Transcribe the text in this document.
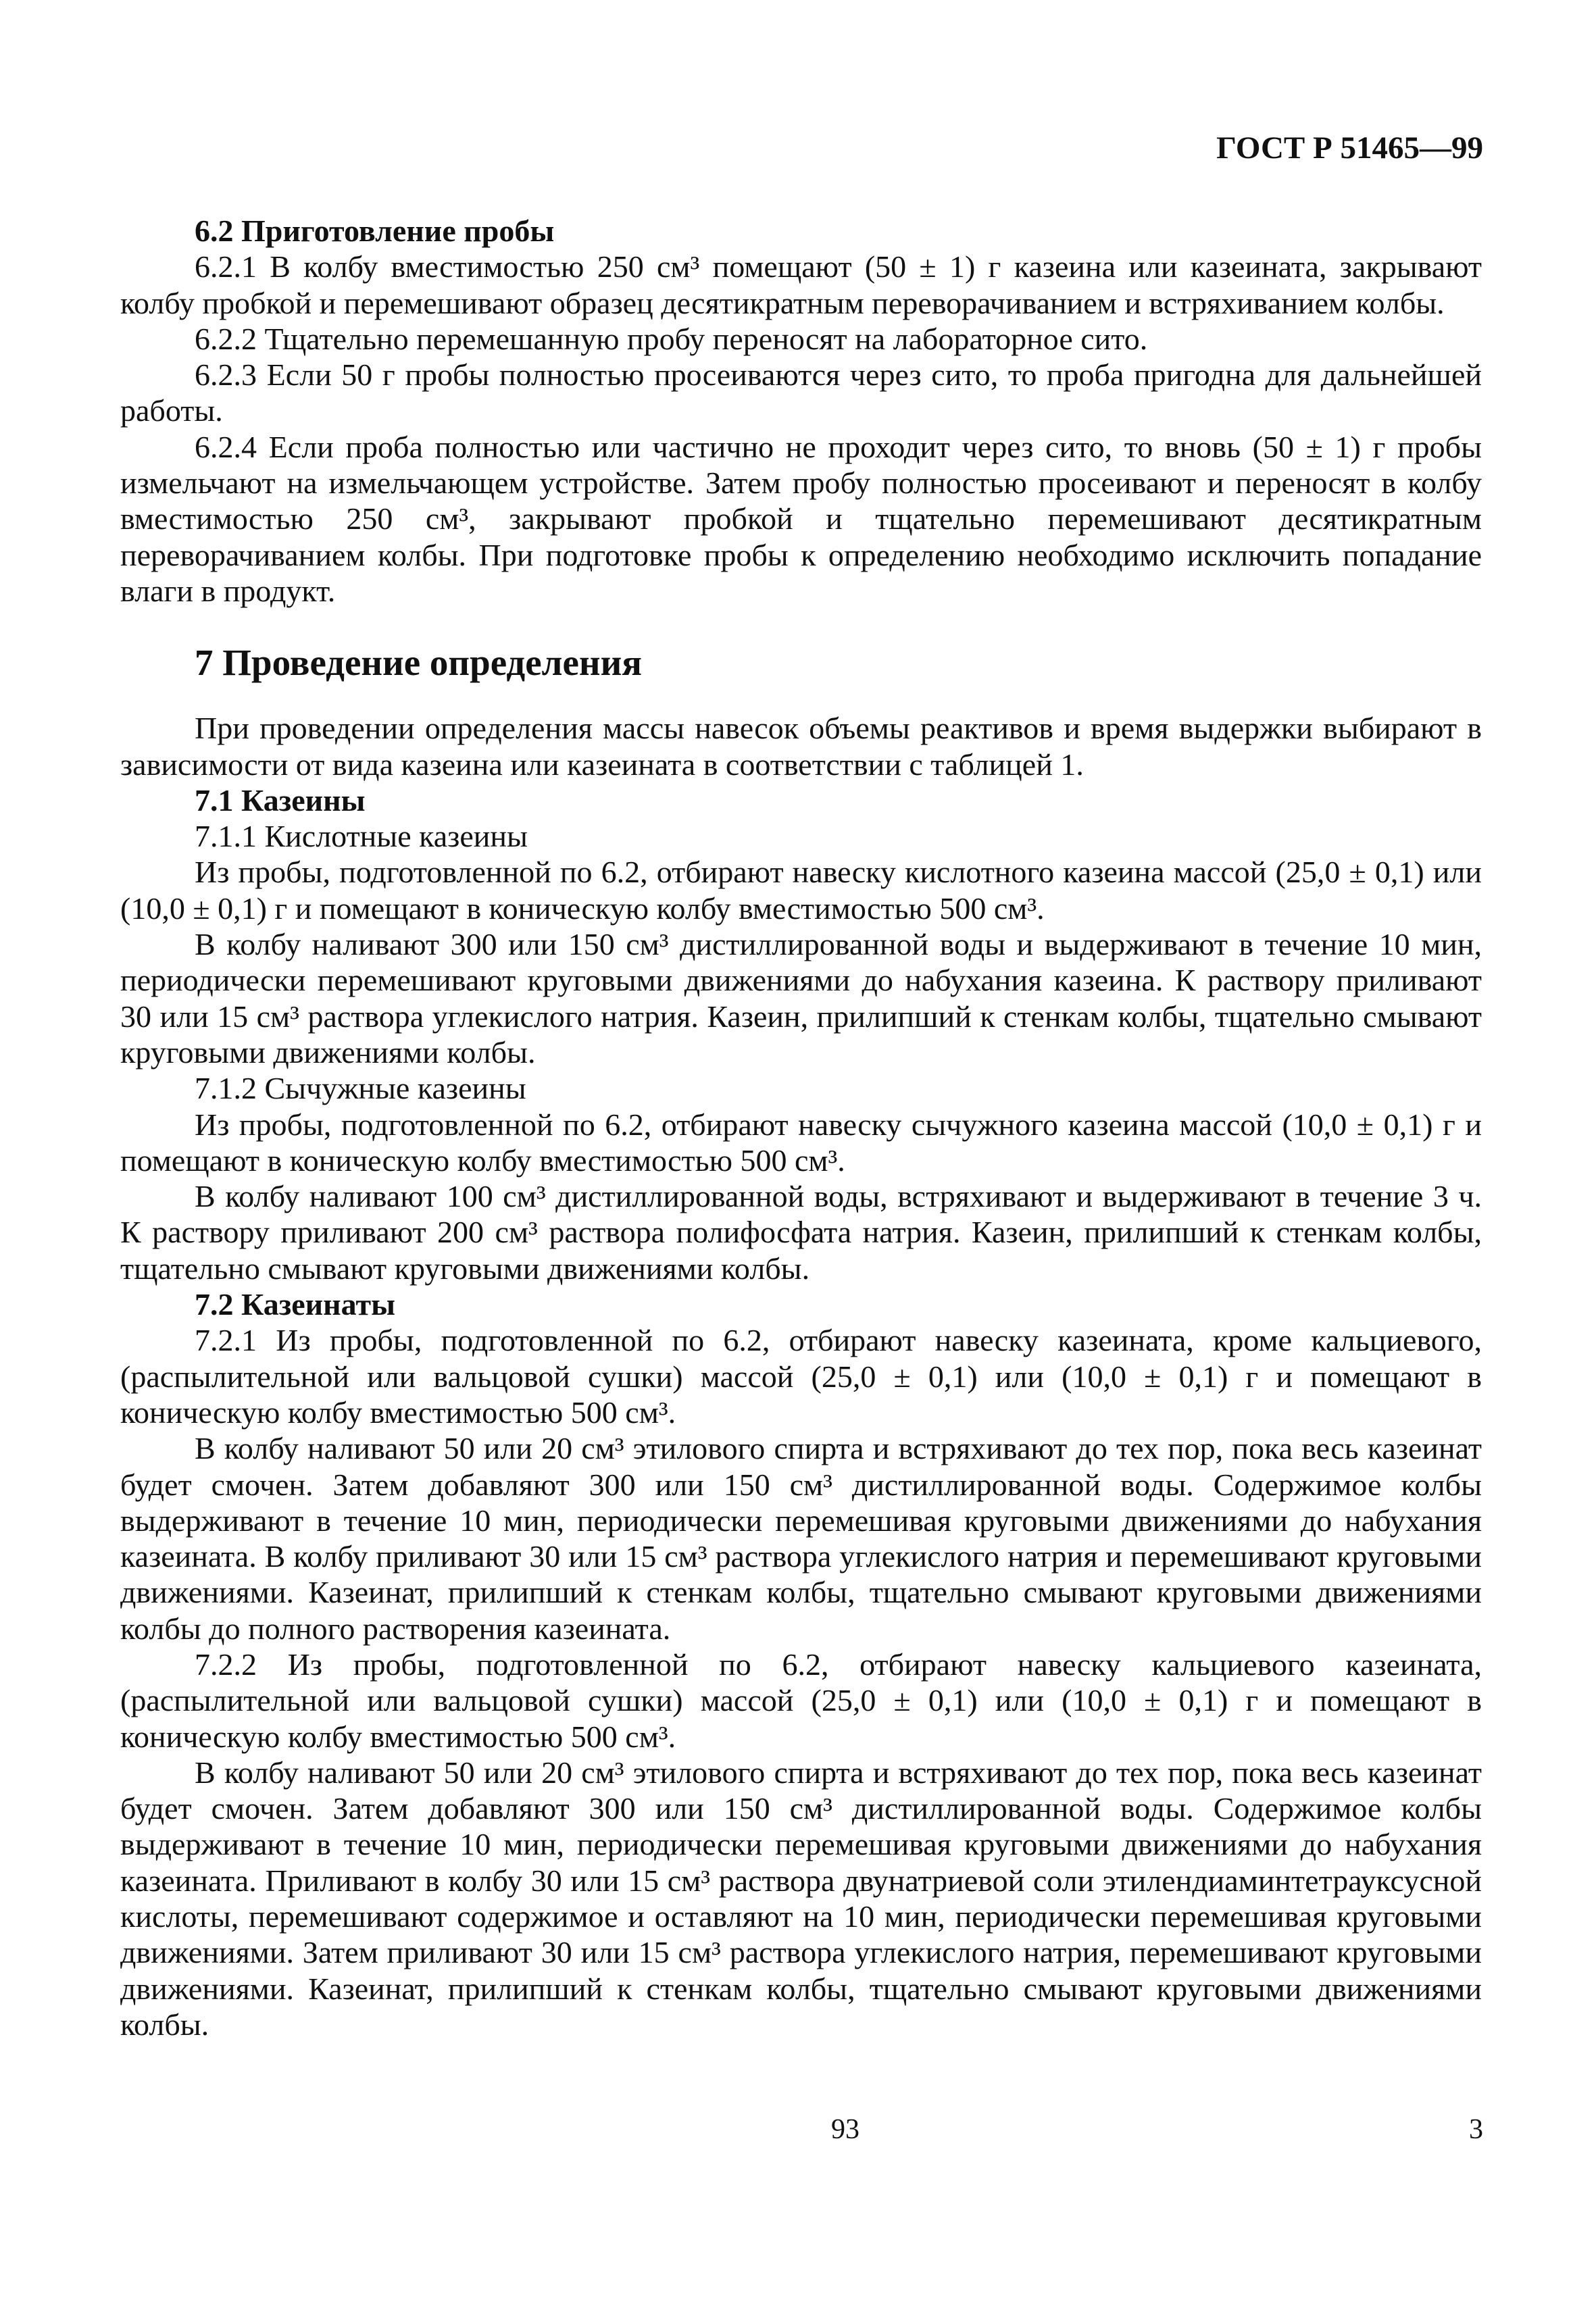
ГОСТ Р 51465—99

6.2 Приготовление пробы

6.2.1 В колбу вместимостью 250 см³ помещают (50 ± 1) г казеина или казеината, закрывают колбу пробкой и перемешивают образец десятикратным переворачиванием и встряхиванием колбы.

6.2.2 Тщательно перемешанную пробу переносят на лабораторное сито.

6.2.3 Если 50 г пробы полностью просеиваются через сито, то проба пригодна для дальнейшей работы.

6.2.4 Если проба полностью или частично не проходит через сито, то вновь (50 ± 1) г пробы измельчают на измельчающем устройстве. Затем пробу полностью просеивают и переносят в колбу вместимостью 250 см³, закрывают пробкой и тщательно перемешивают десятикратным переворачиванием колбы. При подготовке пробы к определению необходимо исключить попадание влаги в продукт.

7 Проведение определения

При проведении определения массы навесок объемы реактивов и время выдержки выбирают в зависимости от вида казеина или казеината в соответствии с таблицей 1.

7.1 Казеины

7.1.1 Кислотные казеины

Из пробы, подготовленной по 6.2, отбирают навеску кислотного казеина массой (25,0 ± 0,1) или (10,0 ± 0,1) г и помещают в коническую колбу вместимостью 500 см³.

В колбу наливают 300 или 150 см³ дистиллированной воды и выдерживают в течение 10 мин, периодически перемешивают круговыми движениями до набухания казеина. К раствору приливают 30 или 15 см³ раствора углекислого натрия. Казеин, прилипший к стенкам колбы, тщательно смывают круговыми движениями колбы.

7.1.2 Сычужные казеины

Из пробы, подготовленной по 6.2, отбирают навеску сычужного казеина массой (10,0 ± 0,1) г и помещают в коническую колбу вместимостью 500 см³.

В колбу наливают 100 см³ дистиллированной воды, встряхивают и выдерживают в течение 3 ч. К раствору приливают 200 см³ раствора полифосфата натрия. Казеин, прилипший к стенкам колбы, тщательно смывают круговыми движениями колбы.

7.2 Казеинаты

7.2.1 Из пробы, подготовленной по 6.2, отбирают навеску казеината, кроме кальциевого, (распылительной или вальцовой сушки) массой (25,0 ± 0,1) или (10,0 ± 0,1) г и помещают в коническую колбу вместимостью 500 см³.

В колбу наливают 50 или 20 см³ этилового спирта и встряхивают до тех пор, пока весь казеинат будет смочен. Затем добавляют 300 или 150 см³ дистиллированной воды. Содержимое колбы выдерживают в течение 10 мин, периодически перемешивая круговыми движениями до набухания казеината. В колбу приливают 30 или 15 см³ раствора углекислого натрия и перемешивают круговыми движениями. Казеинат, прилипший к стенкам колбы, тщательно смывают круговыми движениями колбы до полного растворения казеината.

7.2.2 Из пробы, подготовленной по 6.2, отбирают навеску кальциевого казеината, (распылительной или вальцовой сушки) массой (25,0 ± 0,1) или (10,0 ± 0,1) г и помещают в коническую колбу вместимостью 500 см³.

В колбу наливают 50 или 20 см³ этилового спирта и встряхивают до тех пор, пока весь казеинат будет смочен. Затем добавляют 300 или 150 см³ дистиллированной воды. Содержимое колбы выдерживают в течение 10 мин, периодически перемешивая круговыми движениями до набухания казеината. Приливают в колбу 30 или 15 см³ раствора двунатриевой соли этилендиаминтетрауксусной кислоты, перемешивают содержимое и оставляют на 10 мин, периодически перемешивая круговыми движениями. Затем приливают 30 или 15 см³ раствора углекислого натрия, перемешивают круговыми движениями. Казеинат, прилипший к стенкам колбы, тщательно смывают круговыми движениями колбы.

93	3
